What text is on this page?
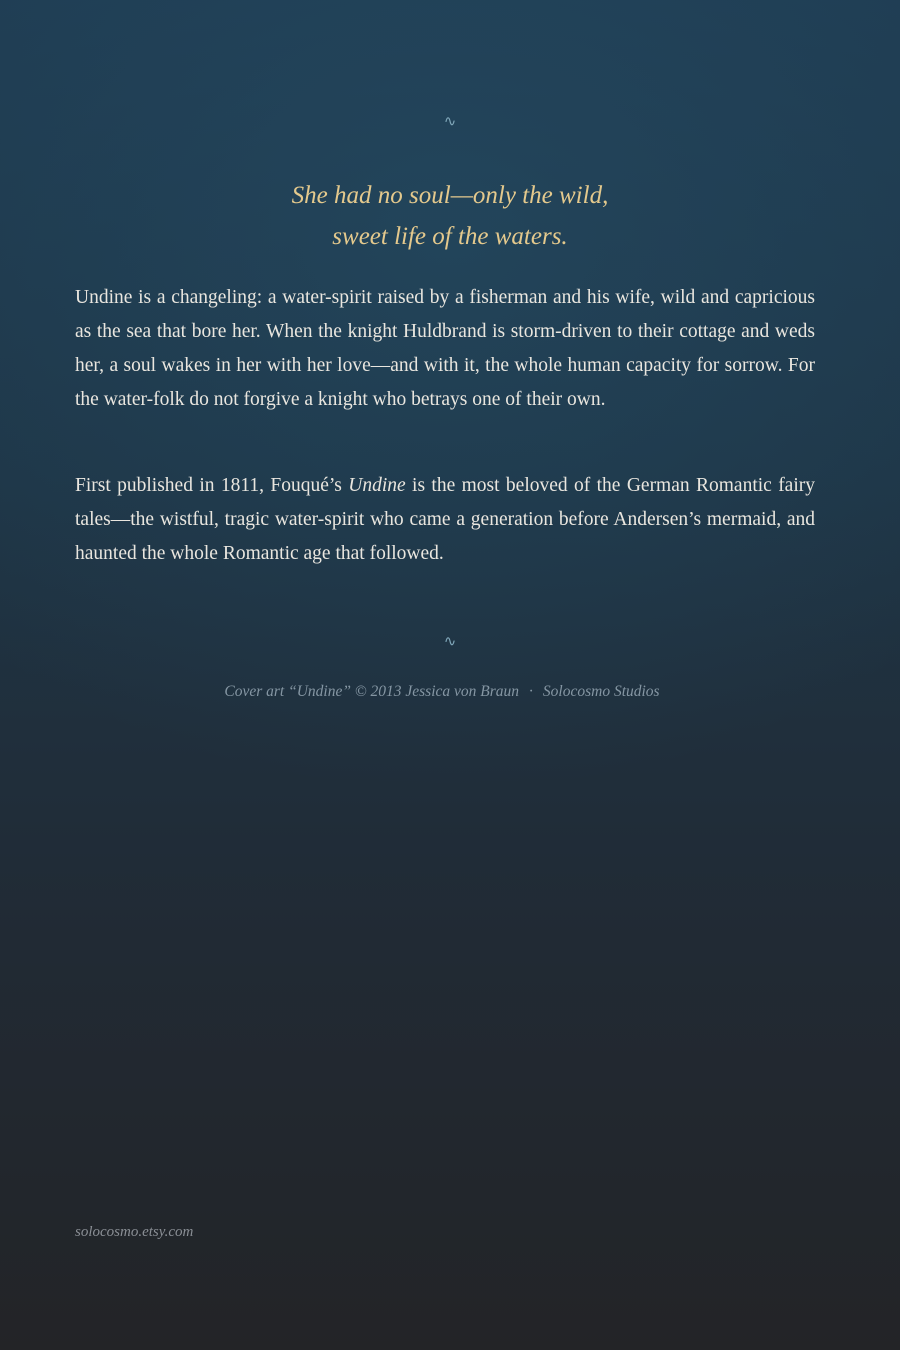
∿

She had no soul—only the wild,
sweet life of the waters.

Undine is a changeling: a water-spirit raised by a fisherman and his wife, wild and capricious as the sea that bore her. When the knight Huldbrand is storm-driven to their cottage and weds her, a soul wakes in her with her love—and with it, the whole human capacity for sorrow. For the water-folk do not forgive a knight who betrays one of their own.

First published in 1811, Fouqué’s Undine is the most beloved of the German Romantic fairy tales—the wistful, tragic water-spirit who came a generation before Andersen’s mermaid, and haunted the whole Romantic age that followed.

∿
Cover art “Undine” © 2013 Jessica von Braun · Solocosmo Studios
solocosmo.etsy.com
